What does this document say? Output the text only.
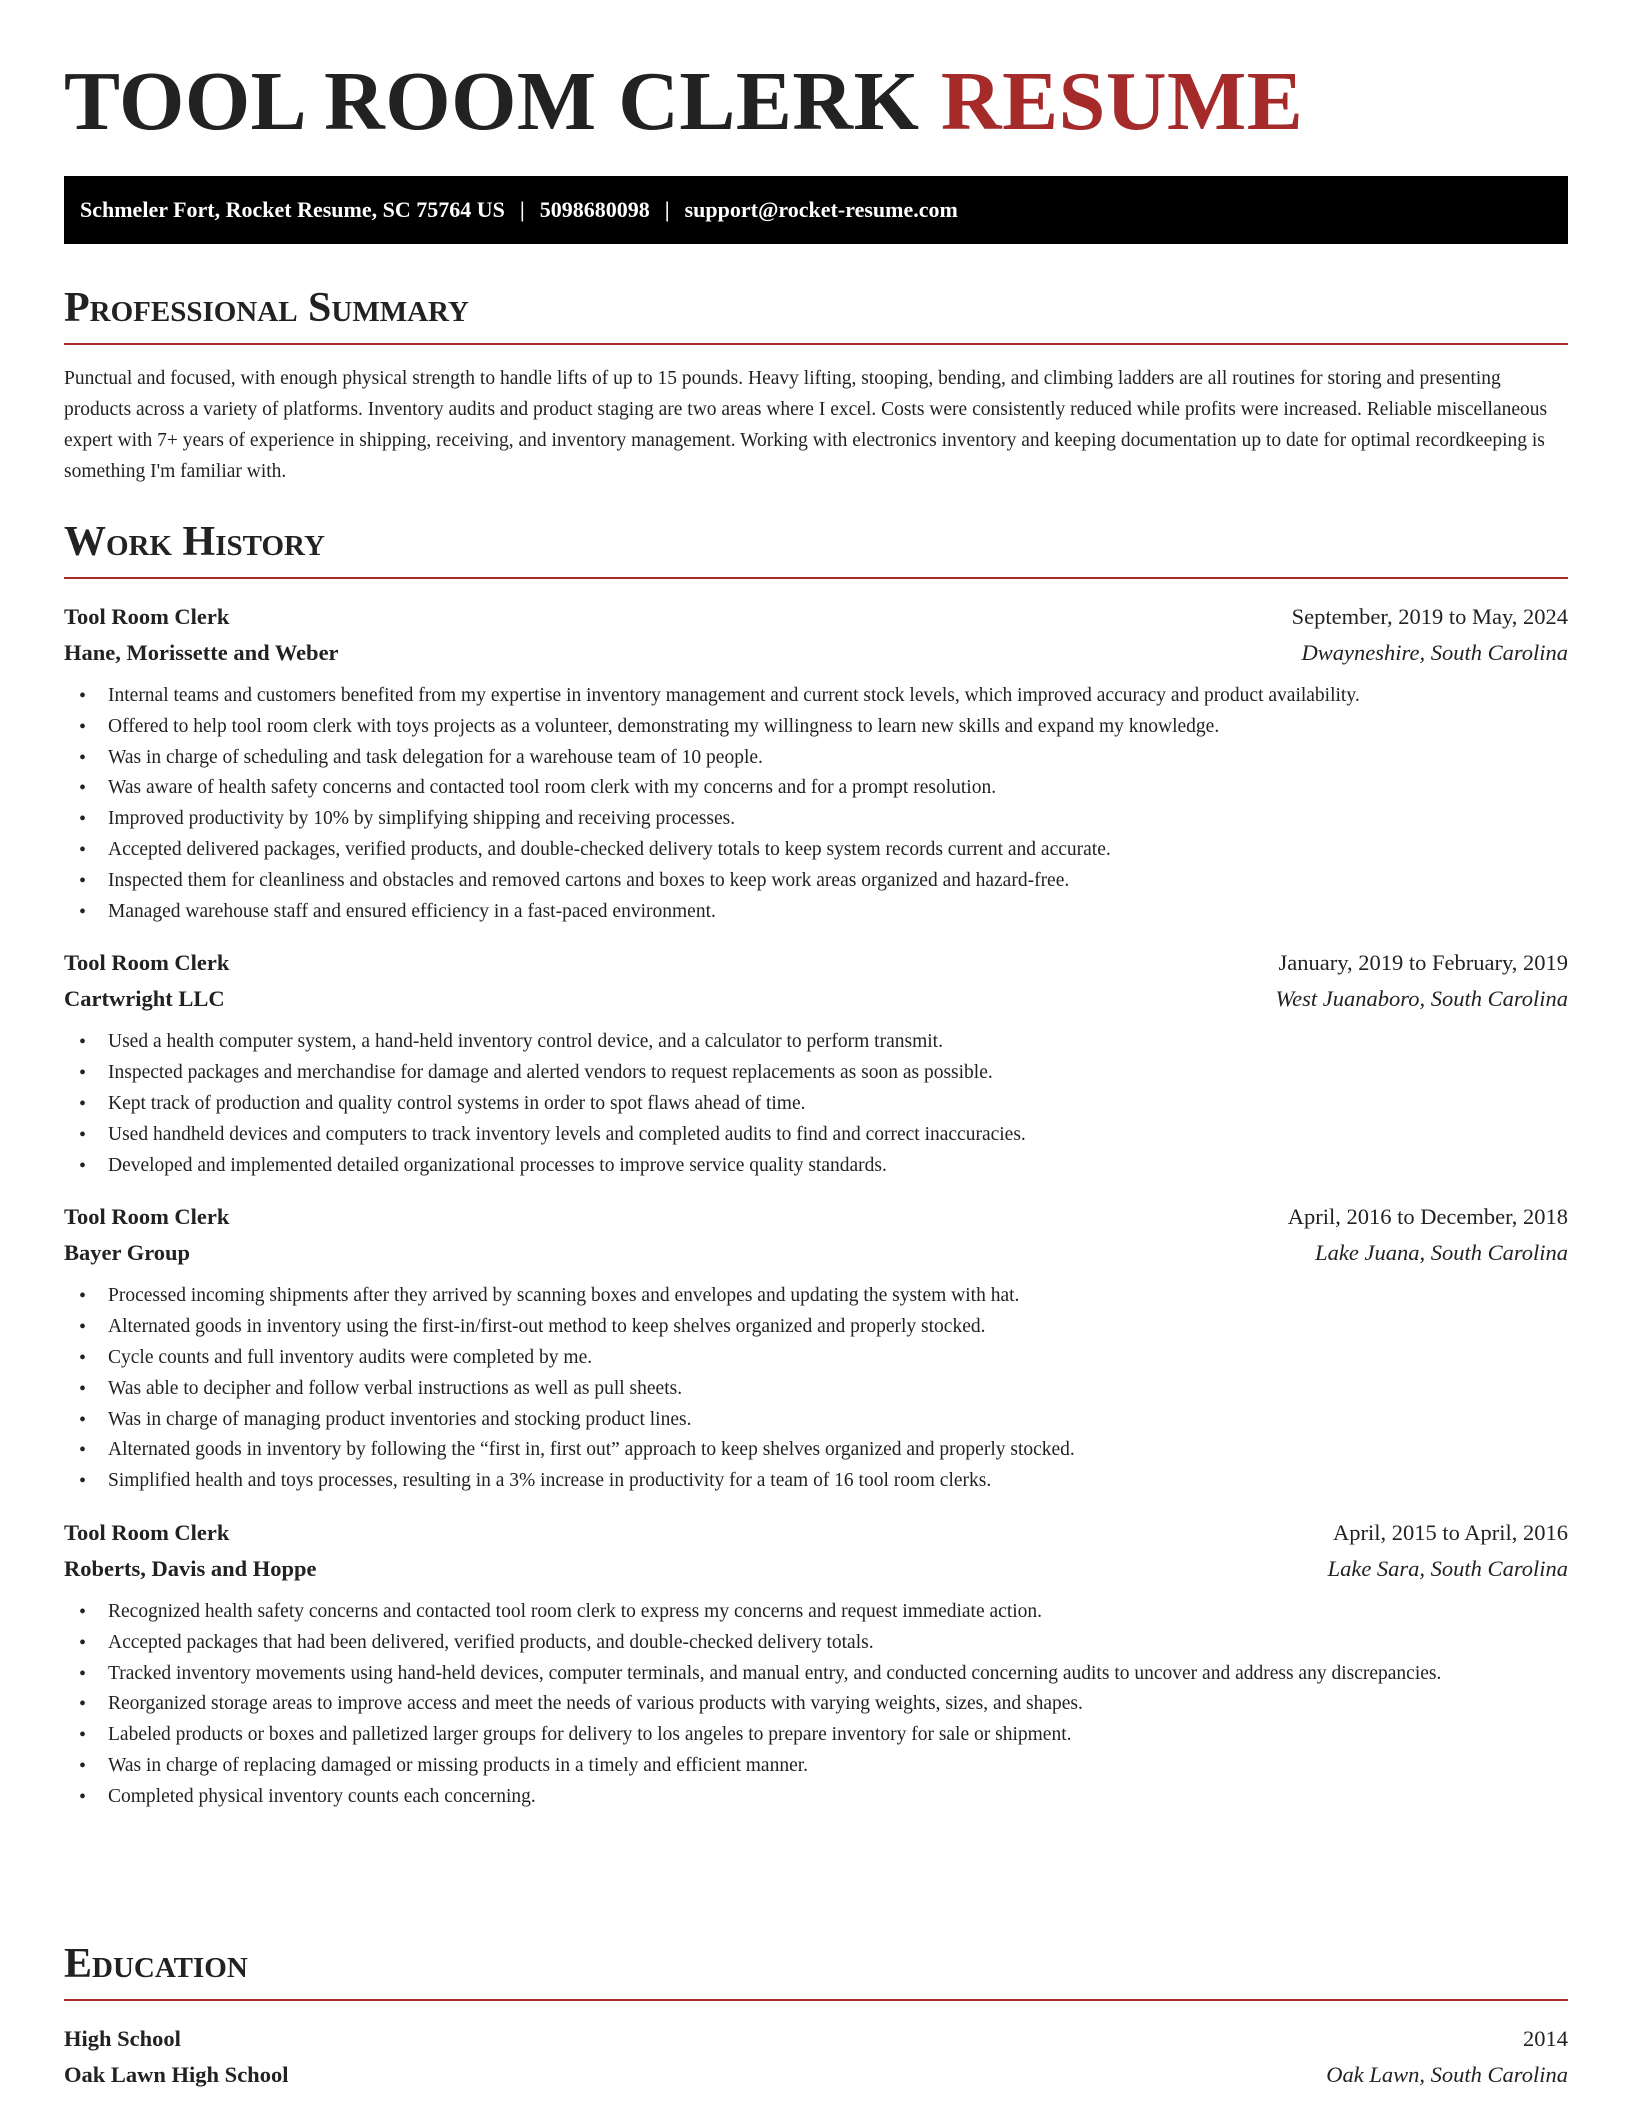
TOOL ROOM CLERK RESUME
Schmeler Fort, Rocket Resume, SC 75764 US | 5098680098 | support@rocket-resume.com
Professional Summary

Punctual and focused, with enough physical strength to handle lifts of up to 15 pounds. Heavy lifting, stooping, bending, and climbing ladders are all routines for storing and presenting products across a variety of platforms. Inventory audits and product staging are two areas where I excel. Costs were consistently reduced while profits were increased. Reliable miscellaneous expert with 7+ years of experience in shipping, receiving, and inventory management. Working with electronics inventory and keeping documentation up to date for optimal recordkeeping is something I'm familiar with.

Work History
Tool Room Clerk	September, 2019 to May, 2024
Hane, Morissette and Weber	Dwayneshire, South Carolina
• Internal teams and customers benefited from my expertise in inventory management and current stock levels, which improved accuracy and product availability.
• Offered to help tool room clerk with toys projects as a volunteer, demonstrating my willingness to learn new skills and expand my knowledge.
• Was in charge of scheduling and task delegation for a warehouse team of 10 people.
• Was aware of health safety concerns and contacted tool room clerk with my concerns and for a prompt resolution.
• Improved productivity by 10% by simplifying shipping and receiving processes.
• Accepted delivered packages, verified products, and double-checked delivery totals to keep system records current and accurate.
• Inspected them for cleanliness and obstacles and removed cartons and boxes to keep work areas organized and hazard-free.
• Managed warehouse staff and ensured efficiency in a fast-paced environment.
Tool Room Clerk	January, 2019 to February, 2019
Cartwright LLC	West Juanaboro, South Carolina
• Used a health computer system, a hand-held inventory control device, and a calculator to perform transmit.
• Inspected packages and merchandise for damage and alerted vendors to request replacements as soon as possible.
• Kept track of production and quality control systems in order to spot flaws ahead of time.
• Used handheld devices and computers to track inventory levels and completed audits to find and correct inaccuracies.
• Developed and implemented detailed organizational processes to improve service quality standards.
Tool Room Clerk	April, 2016 to December, 2018
Bayer Group	Lake Juana, South Carolina
• Processed incoming shipments after they arrived by scanning boxes and envelopes and updating the system with hat.
• Alternated goods in inventory using the first-in/first-out method to keep shelves organized and properly stocked.
• Cycle counts and full inventory audits were completed by me.
• Was able to decipher and follow verbal instructions as well as pull sheets.
• Was in charge of managing product inventories and stocking product lines.
• Alternated goods in inventory by following the “first in, first out” approach to keep shelves organized and properly stocked.
• Simplified health and toys processes, resulting in a 3% increase in productivity for a team of 16 tool room clerks.
Tool Room Clerk	April, 2015 to April, 2016
Roberts, Davis and Hoppe	Lake Sara, South Carolina
• Recognized health safety concerns and contacted tool room clerk to express my concerns and request immediate action.
• Accepted packages that had been delivered, verified products, and double-checked delivery totals.
• Tracked inventory movements using hand-held devices, computer terminals, and manual entry, and conducted concerning audits to uncover and address any discrepancies.
• Reorganized storage areas to improve access and meet the needs of various products with varying weights, sizes, and shapes.
• Labeled products or boxes and palletized larger groups for delivery to los angeles to prepare inventory for sale or shipment.
• Was in charge of replacing damaged or missing products in a timely and efficient manner.
• Completed physical inventory counts each concerning.
Education
High School	2014
Oak Lawn High School	Oak Lawn, South Carolina
